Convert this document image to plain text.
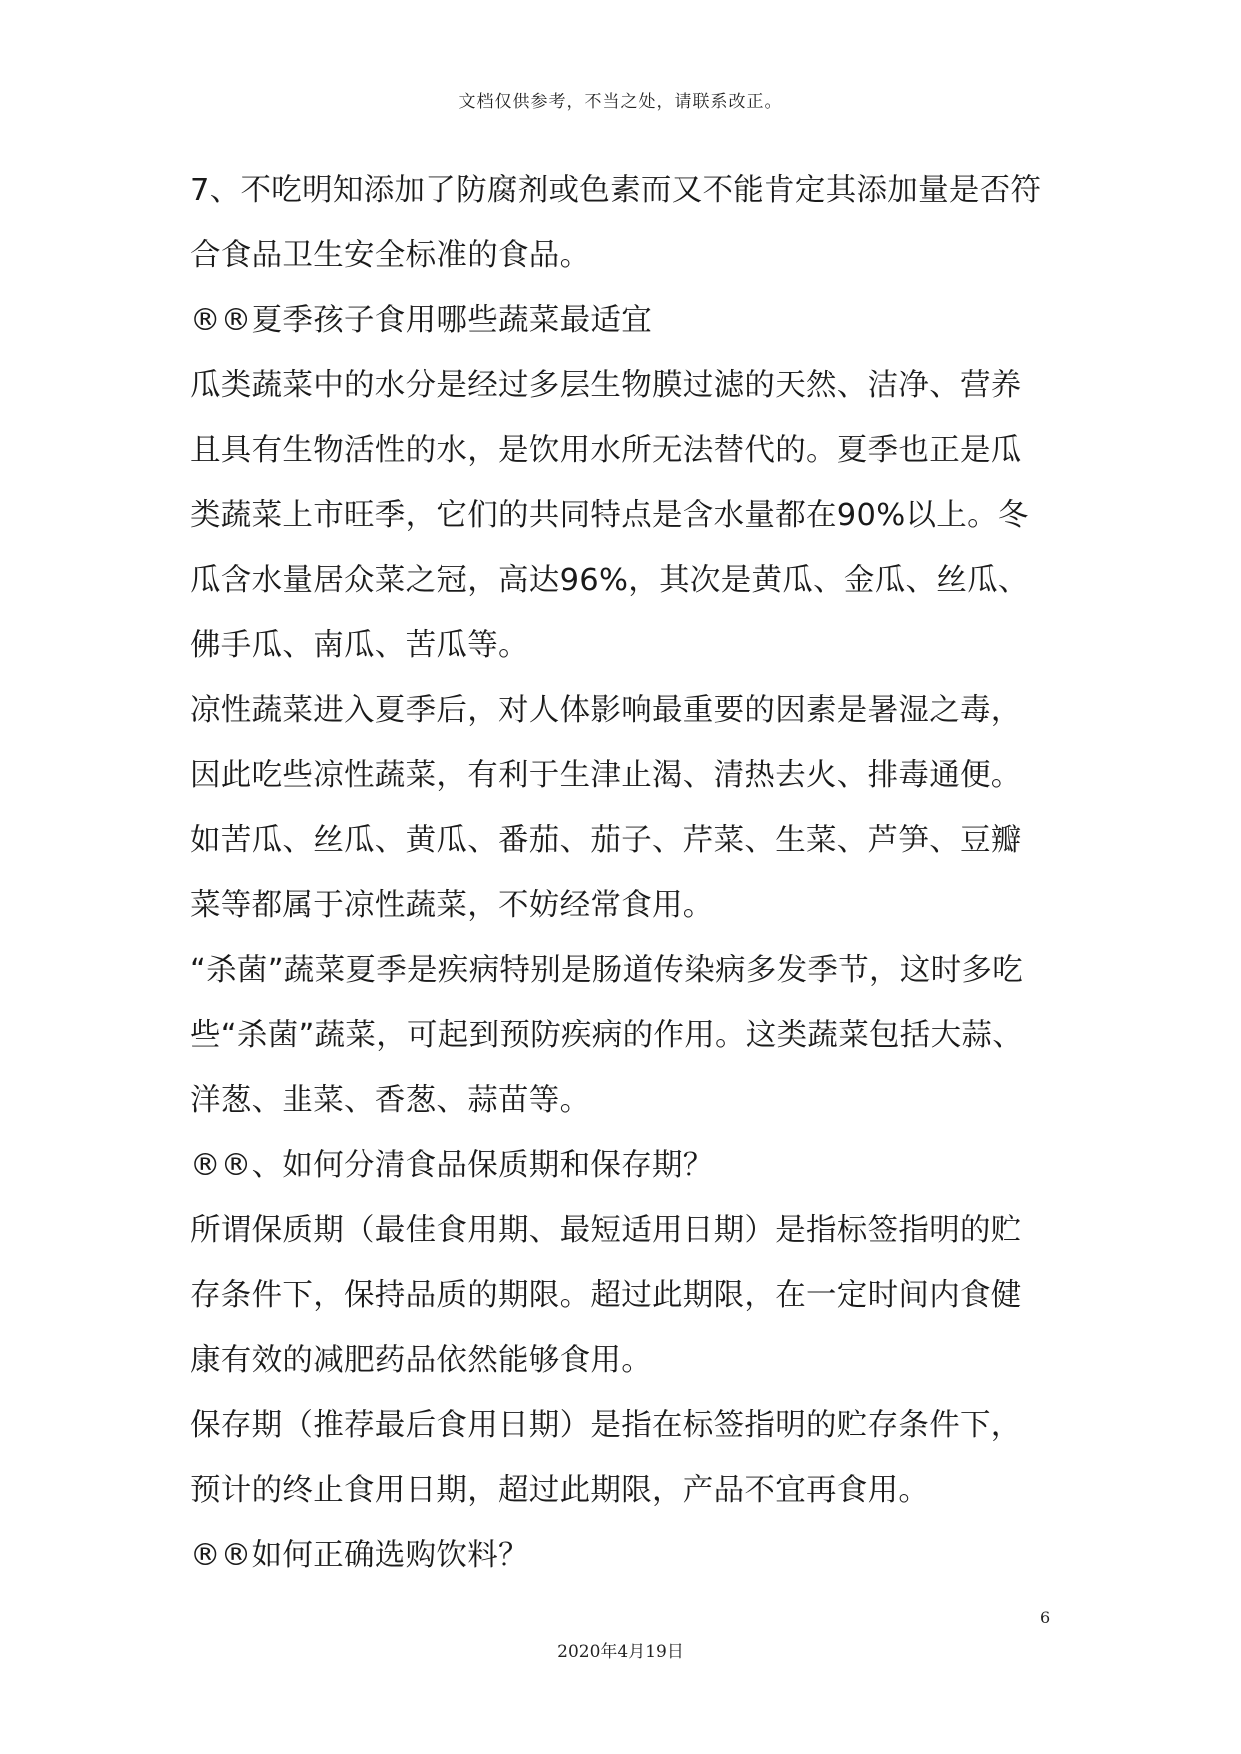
文档仅供参考，不当之处，请联系改正。

7、不吃明知添加了防腐剂或色素而又不能肯定其添加量是否符合食品卫生安全标准的食品。

®®夏季孩子食用哪些蔬菜最适宜

瓜类蔬菜中的水分是经过多层生物膜过滤的天然、洁净、营养且具有生物活性的水，是饮用水所无法替代的。夏季也正是瓜类蔬菜上市旺季，它们的共同特点是含水量都在90%以上。冬瓜含水量居众菜之冠，高达96%，其次是黄瓜、金瓜、丝瓜、佛手瓜、南瓜、苦瓜等。

凉性蔬菜进入夏季后，对人体影响最重要的因素是暑湿之毒，因此吃些凉性蔬菜，有利于生津止渴、清热去火、排毒通便。如苦瓜、丝瓜、黄瓜、番茄、茄子、芹菜、生菜、芦笋、豆瓣菜等都属于凉性蔬菜，不妨经常食用。

“杀菌”蔬菜夏季是疾病特别是肠道传染病多发季节，这时多吃些“杀菌”蔬菜，可起到预防疾病的作用。这类蔬菜包括大蒜、洋葱、韭菜、香葱、蒜苗等。

®®、如何分清食品保质期和保存期？

所谓保质期（最佳食用期、最短适用日期）是指标签指明的贮存条件下，保持品质的期限。超过此期限，在一定时间内食健康有效的减肥药品依然能够食用。

保存期（推荐最后食用日期）是指在标签指明的贮存条件下，预计的终止食用日期，超过此期限，产品不宜再食用。

®®如何正确选购饮料？

6
2020年4月19日
